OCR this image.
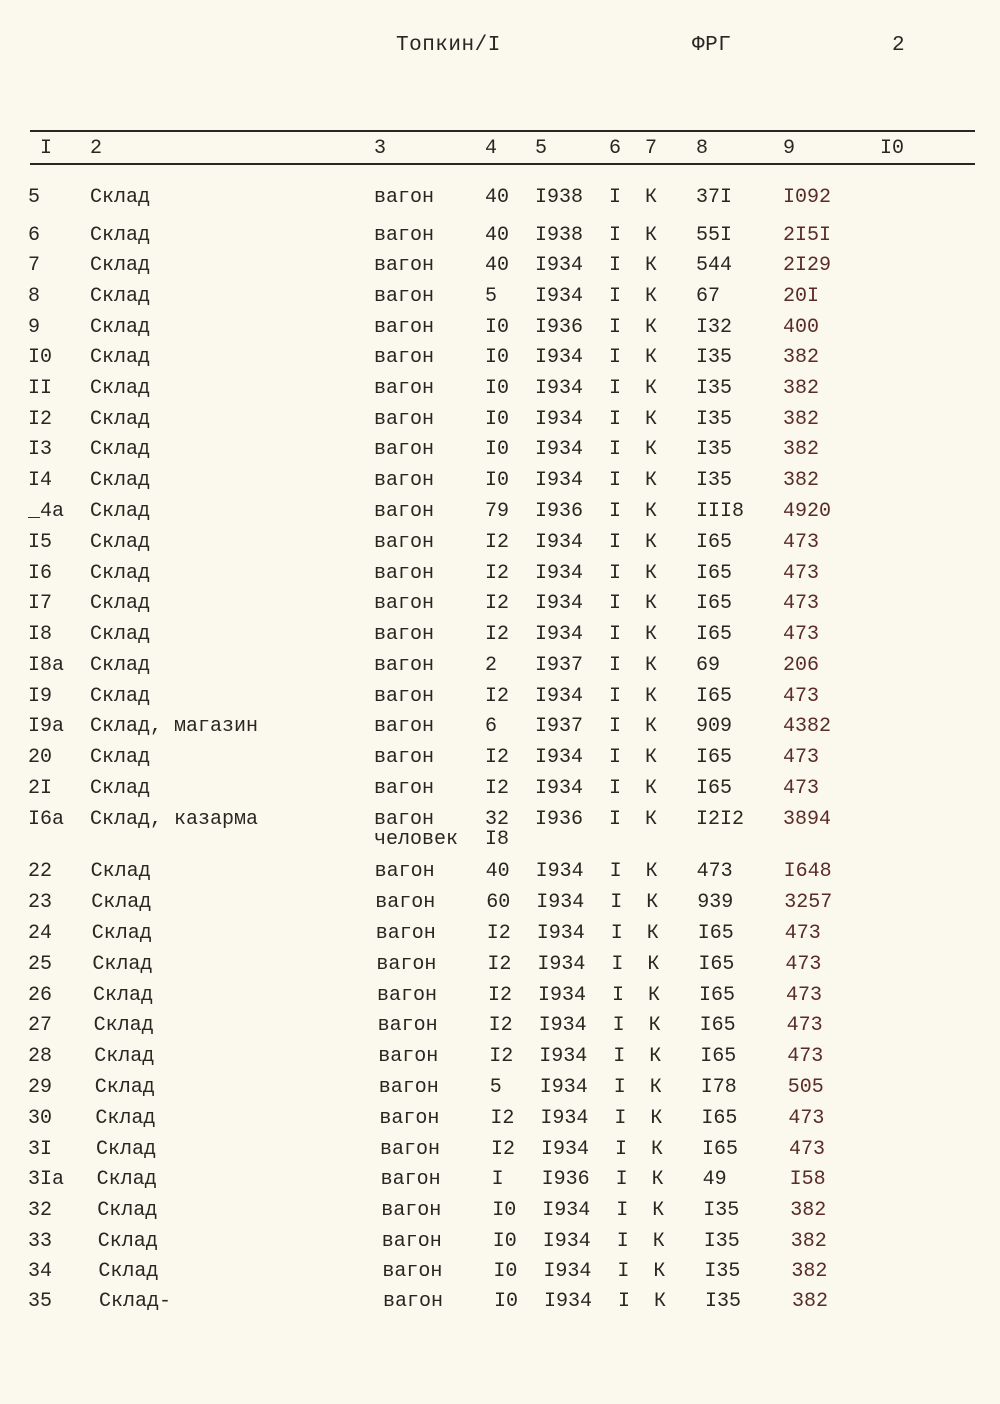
Топкин/I	ФРГ	2
I 2	3	4 5	6 7 8	9	I0
5 Склад	вагон	40 I938 I К 37I	I092
6 Склад	вагон	40 I938 I К 55I	2I5I
7 Склад	вагон	40 I934 I К 544	2I29
8 Склад	вагон	5 I934 I К 67	20I
9 Склад	вагон	I0 I936 I К I32	400
I0 Склад	вагон	I0 I934 I К I35	382
II Склад	вагон	I0 I934 I К I35	382
I2 Склад	вагон	I0 I934 I К I35	382
I3 Склад	вагон	I0 I934 I К I35	382
I4 Склад	вагон	I0 I934 I К I35	382
_4a Склад	вагон	79 I936 I К III8 4920
I5 Склад	вагон	I2 I934 I К I65	473
I6 Склад	вагон	I2 I934 I К I65	473
I7 Склад	вагон	I2 I934 I К I65	473
I8 Склад	вагон	I2 I934 I К I65	473
I8a Склад	вагон	2 I937 I К 69	206
I9 Склад	вагон	I2 I934 I К I65	473
I9a Склад, магазин	вагон	6 I937 I К 909	4382
20 Склад	вагон	I2 I934 I К I65	473
2I Склад	вагон	I2 I934 I К I65	473
I6a Склад, казарма	вагон	32 I936 I К I2I2 3894
человек I8
22 Склад	вагон	40 I934 I К 473	I648
23 Склад	вагон	60 I934 I К 939	3257
24 Склад	вагон	I2 I934 I К I65	473
25 Склад	вагон	I2 I934 I К I65	473
26 Склад	вагон	I2 I934 I К I65	473
27 Склад	вагон	I2 I934 I К I65	473
28 Склад	вагон	I2 I934 I К I65	473
29 Склад	вагон	5 I934 I К I78	505
30 Склад	вагон	I2 I934 I К I65	473
3I Склад	вагон	I2 I934 I К I65	473
3Ia Склад	вагон	I I936 I К 49	I58
32 Склад	вагон	I0 I934 I К I35	382
33 Склад	вагон	I0 I934 I К I35	382
34 Склад	вагон	I0 I934 I К I35	382
35 Склад-	вагон	I0 I934 I К I35	382
